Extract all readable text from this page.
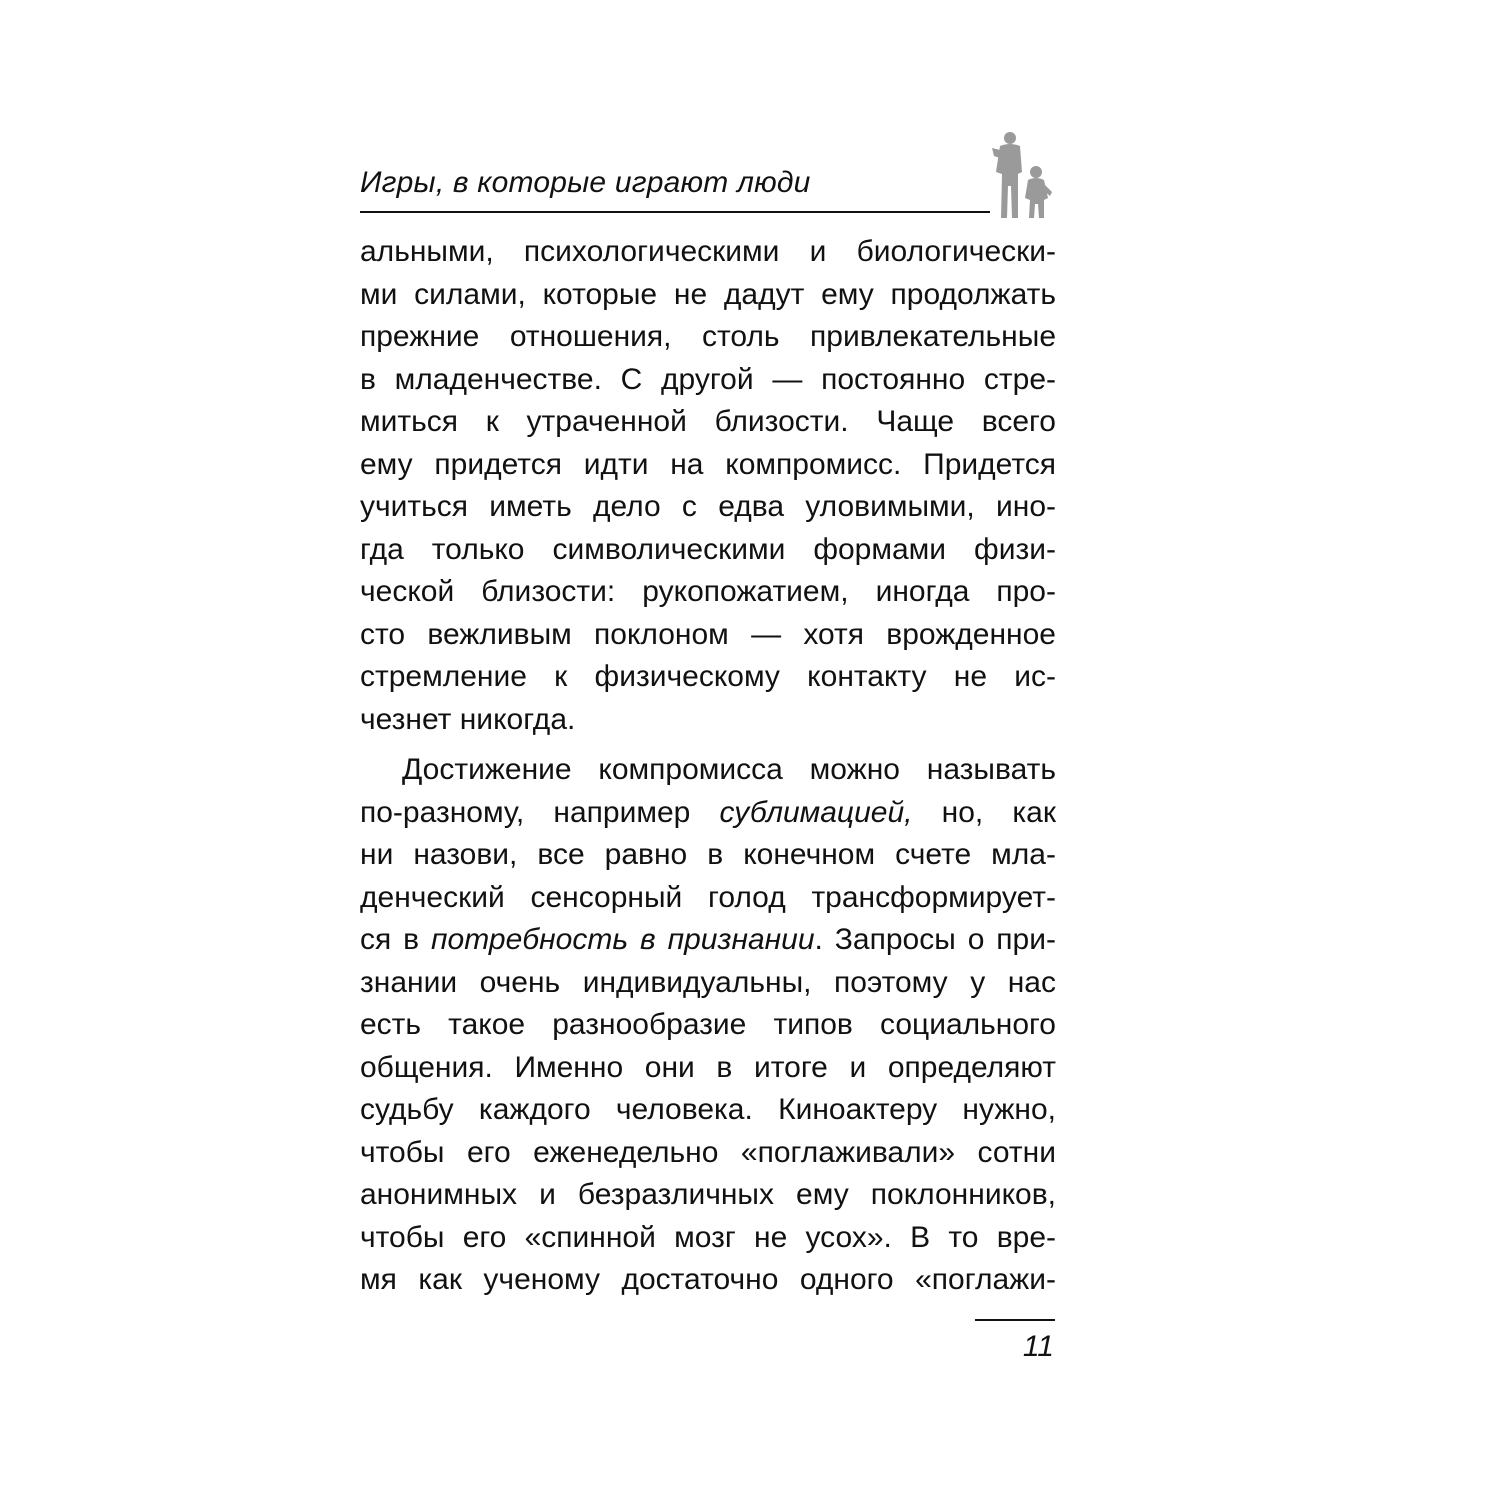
Игры, в которые играют люди
альными, психологическими и биологически-
ми силами, которые не дадут ему продолжать
прежние отношения, столь привлекательные
в младенчестве. С другой — постоянно стре-
миться к утраченной близости. Чаще всего
ему придется идти на компромисс. Придется
учиться иметь дело с едва уловимыми, ино-
гда только символическими формами физи-
ческой близости: рукопожатием, иногда про-
сто вежливым поклоном — хотя врожденное
стремление к физическому контакту не ис-
чезнет никогда.
Достижение компромисса можно называть
по-разному, например сублимацией, но, как
ни назови, все равно в конечном счете мла-
денческий сенсорный голод трансформирует-
ся в потребность в признании. Запросы о при-
знании очень индивидуальны, поэтому у нас
есть такое разнообразие типов социального
общения. Именно они в итоге и определяют
судьбу каждого человека. Киноактеру нужно,
чтобы его еженедельно «поглаживали» сотни
анонимных и безразличных ему поклонников,
чтобы его «спинной мозг не усох». В то вре-
мя как ученому достаточно одного «поглажи-
11
